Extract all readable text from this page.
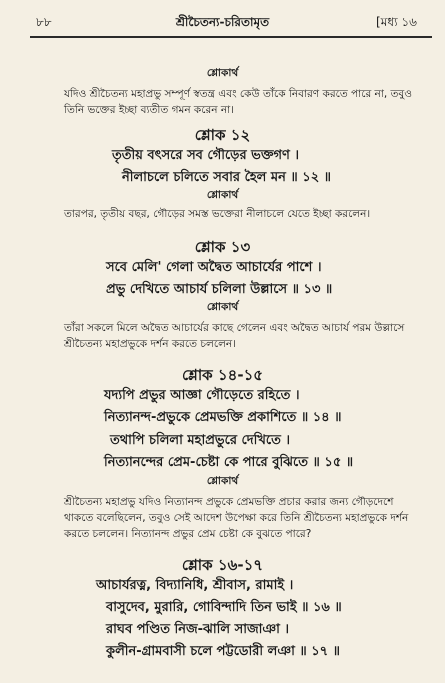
৮৮	শ্রীচৈতন্য-চরিতামৃত	[মধ্য ১৬
শ্লোকার্থ
যদিও শ্রীচৈতন্য মহাপ্রভু সম্পূর্ণ স্বতন্ত্র এবং কেউ তাঁকে নিবারণ করতে পারে না, তবুও তিনি ভক্তের ইচ্ছা ব্যতীত গমন করেন না।
শ্লোক ১২
তৃতীয় বৎসরে সব গৌড়ের ভক্তগণ ।
নীলাচলে চলিতে সবার হৈল মন ॥ ১২ ॥
শ্লোকার্থ
তারপর, তৃতীয় বছর, গৌড়ের সমস্ত ভক্তেরা নীলাচলে যেতে ইচ্ছা করলেন।
শ্লোক ১৩
সবে মেলি' গেলা অদ্বৈত আচার্যের পাশে ।
প্রভু দেখিতে আচার্য চলিলা উল্লাসে ॥ ১৩ ॥
শ্লোকার্থ
তাঁরা সকলে মিলে অদ্বৈত আচার্যের কাছে গেলেন এবং অদ্বৈত আচার্য পরম উল্লাসে শ্রীচৈতন্য মহাপ্রভুকে দর্শন করতে চললেন।
শ্লোক ১৪-১৫
যদ্যপি প্রভুর আজ্ঞা গৌড়েতে রহিতে ।
নিত্যানন্দ-প্রভুকে প্রেমভক্তি প্রকাশিতে ॥ ১৪ ॥
তথাপি চলিলা মহাপ্রভুরে দেখিতে ।
নিত্যানন্দের প্রেম-চেষ্টা কে পারে বুঝিতে ॥ ১৫ ॥
শ্লোকার্থ
শ্রীচৈতন্য মহাপ্রভু যদিও নিত্যানন্দ প্রভুকে প্রেমভক্তি প্রচার করার জন্য গৌড়দেশে থাকতে বলেছিলেন, তবুও সেই আদেশ উপেক্ষা করে তিনি শ্রীচৈতন্য মহাপ্রভুকে দর্শন করতে চললেন। নিত্যানন্দ প্রভুর প্রেম চেষ্টা কে বুঝতে পারে?
শ্লোক ১৬-১৭
আচার্যরত্ন, বিদ্যানিধি, শ্রীবাস, রামাই ।
বাসুদেব, মুরারি, গোবিন্দাদি তিন ভাই ॥ ১৬ ॥
রাঘব পণ্ডিত নিজ-ঝালি সাজাঞা ।
কুলীন-গ্রামবাসী চলে পট্টডোরী লঞা ॥ ১৭ ॥
